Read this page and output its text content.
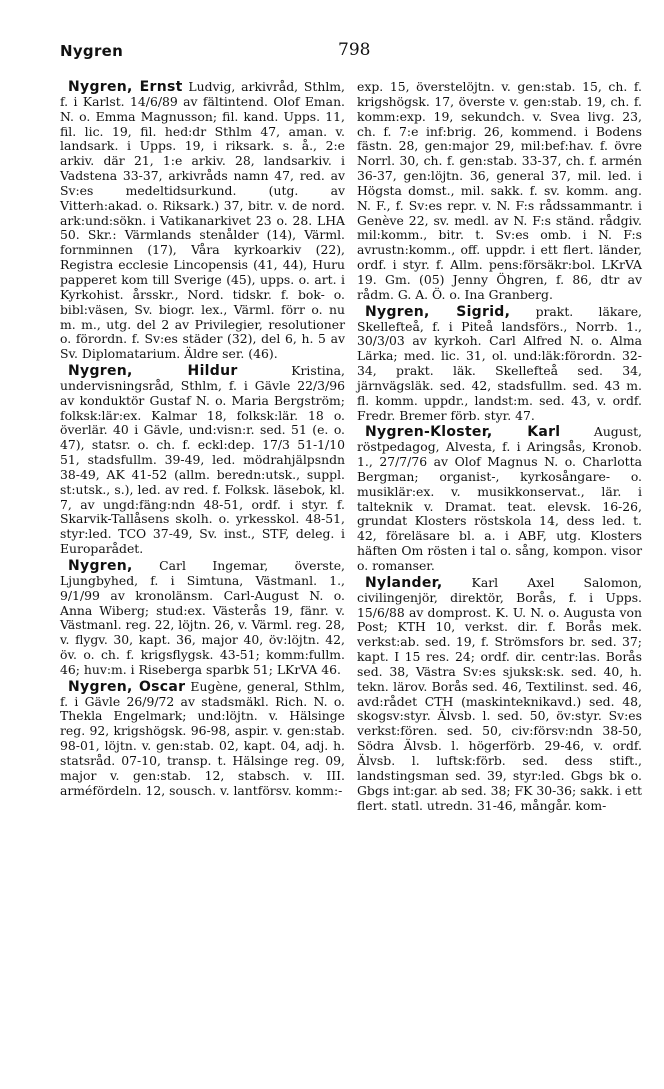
Nygren	798

Nygren, Ernst Ludvig, arkivråd, Sthlm, f. i Karlst. 14/6/89 av fältintend. Olof Eman. N. o. Emma Magnusson; fil. kand. Upps. 11, fil. lic. 19, fil. hed:dr Sthlm 47, aman. v. landsark. i Upps. 19, i riksark. s. å., 2:e arkiv. där 21, 1:e arkiv. 28, landsarkiv. i Vadstena 33-37, arkivråds namn 47, red. av Sv:es medeltidsurkund. (utg. av Vitterh:akad. o. Riksark.) 37, bitr. v. de nord. ark:und:sökn. i Vatikanarkivet 23 o. 28. LHA 50. Skr.: Värmlands stenålder (14), Värml. fornminnen (17), Våra kyrkoarkiv (22), Registra ecclesie Lincopensis (41, 44), Huru papperet kom till Sverige (45), upps. o. art. i Kyrkohist. årsskr., Nord. tidskr. f. bok- o. bibl:väsen, Sv. biogr. lex., Värml. förr o. nu m. m., utg. del 2 av Privilegier, resolutioner o. förordn. f. Sv:es städer (32), del 6, h. 5 av Sv. Diplomatarium. Äldre ser. (46).

Nygren, Hildur Kristina, undervisningsråd, Sthlm, f. i Gävle 22/3/96 av konduktör Gustaf N. o. Maria Bergström; folksk:lär:ex. Kalmar 18, folksk:lär. 18 o. överlär. 40 i Gävle, und:visn:r. sed. 51 (e. o. 47), statsr. o. ch. f. eckl:dep. 17/3 51-1/10 51, stadsfullm. 39-49, led. mödrahjälpsndn 38-49, AK 41-52 (allm. beredn:utsk., suppl. st:utsk., s.), led. av red. f. Folksk. läsebok, kl. 7, av ungd:fäng:ndn 48-51, ordf. i styr. f. Skarvik-Tallåsens skolh. o. yrkesskol. 48-51, styr:led. TCO 37-49, Sv. inst., STF, deleg. i Europarådet.

Nygren, Carl Ingemar, överste, Ljungbyhed, f. i Simtuna, Västmanl. 1., 9/1/99 av kronolänsm. Carl-August N. o. Anna Wiberg; stud:ex. Västerås 19, fänr. v. Västmanl. reg. 22, löjtn. 26, v. Värml. reg. 28, v. flygv. 30, kapt. 36, major 40, öv:löjtn. 42, öv. o. ch. f. krigsflygsk. 43-51; komm:fullm. 46; huv:m. i Riseberga sparbk 51; LKrVA 46.

Nygren, Oscar Eugène, general, Sthlm, f. i Gävle 26/9/72 av stadsmäkl. Rich. N. o. Thekla Engelmark; und:löjtn. v. Hälsinge reg. 92, krigshögsk. 96-98, aspir. v. gen:stab. 98-01, löjtn. v. gen:stab. 02, kapt. 04, adj. h. statsråd. 07-10, transp. t. Hälsinge reg. 09, major v. gen:stab. 12, stabsch. v. III. arméfördeln. 12, sousch. v. lantförsv. komm:-

exp. 15, överstelöjtn. v. gen:stab. 15, ch. f. krigshögsk. 17, överste v. gen:stab. 19, ch. f. komm:exp. 19, sekundch. v. Svea livg. 23, ch. f. 7:e inf:brig. 26, kommend. i Bodens fästn. 28, gen:major 29, mil:bef:hav. f. övre Norrl. 30, ch. f. gen:stab. 33-37, ch. f. armén 36-37, gen:löjtn. 36, general 37, mil. led. i Högsta domst., mil. sakk. f. sv. komm. ang. N. F., f. Sv:es repr. v. N. F:s rådssammantr. i Genève 22, sv. medl. av N. F:s ständ. rådgiv. mil:komm., bitr. t. Sv:es omb. i N. F:s avrustn:komm., off. uppdr. i ett flert. länder, ordf. i styr. f. Allm. pens:försäkr:bol. LKrVA 19. Gm. (05) Jenny Öhgren, f. 86, dtr av rådm. G. A. Ö. o. Ina Granberg.

Nygren, Sigrid, prakt. läkare, Skellefteå, f. i Piteå landsförs., Norrb. 1., 30/3/03 av kyrkoh. Carl Alfred N. o. Alma Lärka; med. lic. 31, ol. und:läk:förordn. 32-34, prakt. läk. Skellefteå sed. 34, järnvägsläk. sed. 42, stadsfullm. sed. 43 m. fl. komm. uppdr., landst:m. sed. 43, v. ordf. Fredr. Bremer förb. styr. 47.

Nygren-Kloster, Karl August, röstpedagog, Alvesta, f. i Aringsås, Kronob. 1., 27/7/76 av Olof Magnus N. o. Charlotta Bergman; organist-, kyrkosångare- o. musiklär:ex. v. musikkonservat., lär. i talteknik v. Dramat. teat. elevsk. 16-26, grundat Klosters röstskola 14, dess led. t. 42, föreläsare bl. a. i ABF, utg. Klosters häften Om rösten i tal o. sång, kompon. visor o. romanser.

Nylander, Karl Axel Salomon, civilingenjör, direktör, Borås, f. i Upps. 15/6/88 av domprost. K. U. N. o. Augusta von Post; KTH 10, verkst. dir. f. Borås mek. verkst:ab. sed. 19, f. Strömsfors br. sed. 37; kapt. I 15 res. 24; ordf. dir. centr:las. Borås sed. 38, Västra Sv:es sjuksk:sk. sed. 40, h. tekn. lärov. Borås sed. 46, Textilinst. sed. 46, avd:rådet CTH (maskinteknikavd.) sed. 48, skogsv:styr. Älvsb. l. sed. 50, öv:styr. Sv:es verkst:fören. sed. 50, civ:försv:ndn 38-50, Södra Älvsb. l. högerförb. 29-46, v. ordf. Älvsb. l. luftsk:förb. sed. dess stift., landstingsman sed. 39, styr:led. Gbgs bk o. Gbgs int:gar. ab sed. 38; FK 30-36; sakk. i ett flert. statl. utredn. 31-46, mångår. kom-
